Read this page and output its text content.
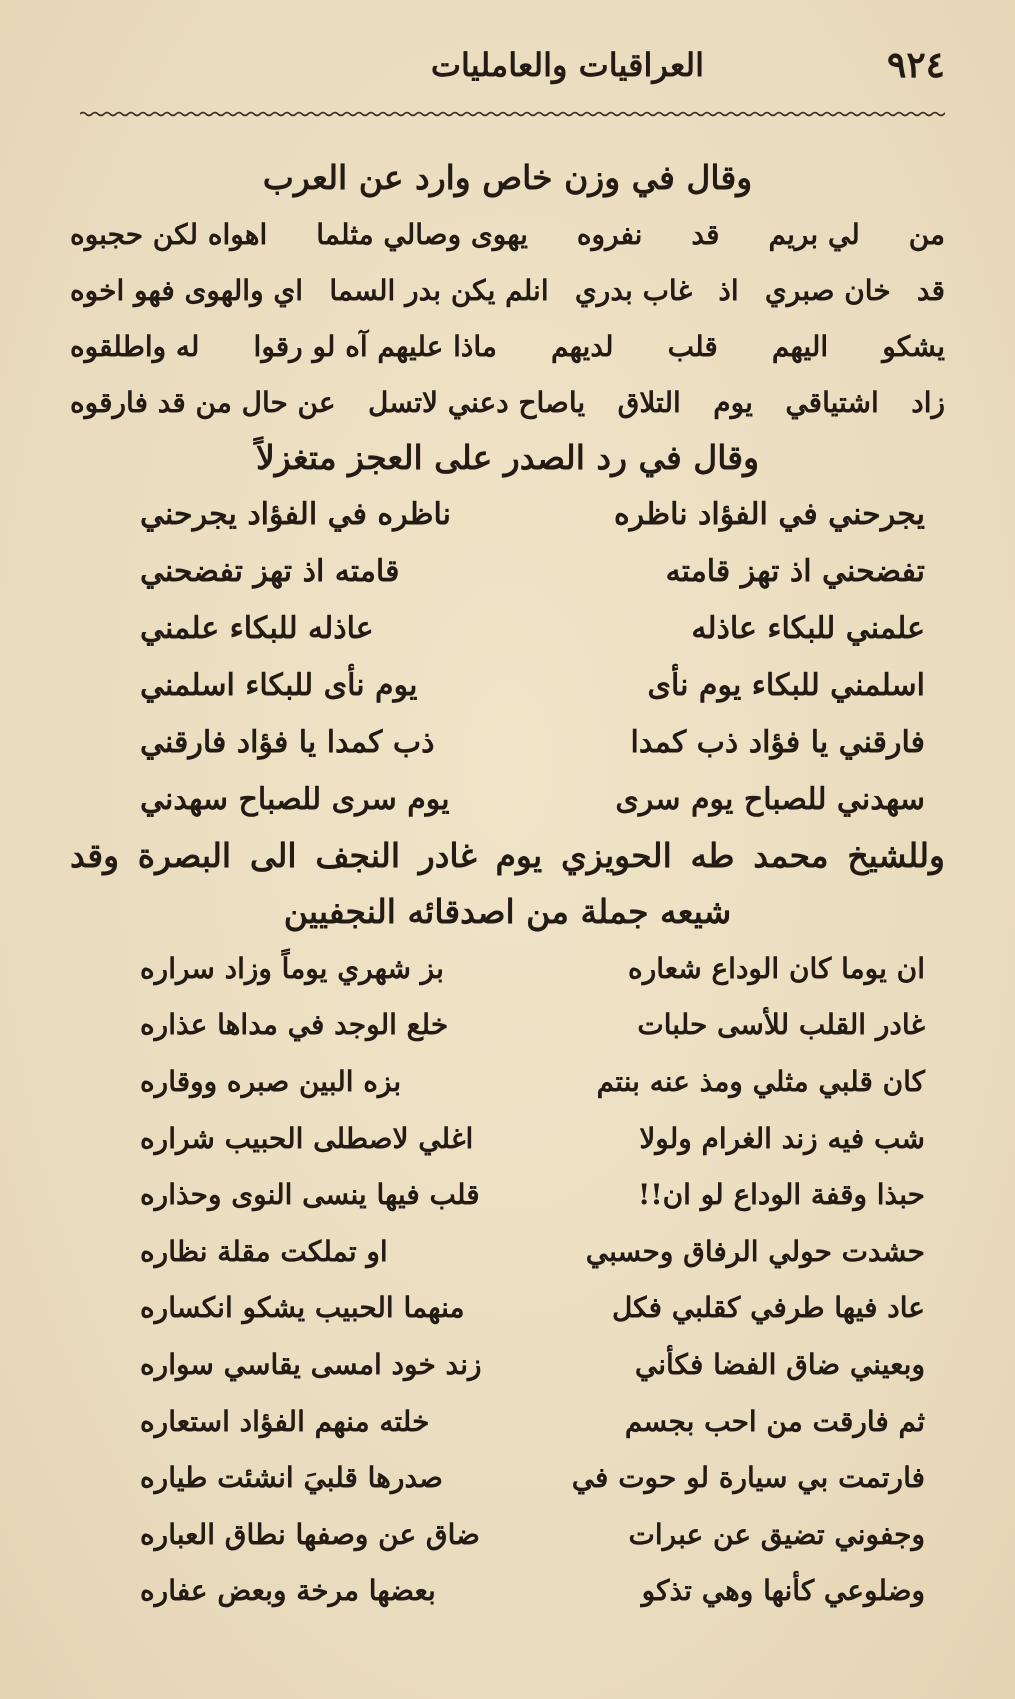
٩٢٤
العراقيات والعامليات
وقال في وزن خاص وارد عن العرب
من
لي بريم
قد
نفروه
يهوى وصالي مثلما
اهواه لكن حجبوه
قد
خان صبري
اذ
غاب بدري
انلم يكن بدر السما
اي والهوى فهو اخوه
يشكو
اليهم
قلب
لديهم
ماذا عليهم آه لو رقوا
له واطلقوه
زاد
اشتياقي
يوم
التلاق
ياصاح دعني لاتسل
عن حال من قد فارقوه
وقال في رد الصدر على العجز متغزلاً
يجرحني في الفؤاد ناظره
ناظره في الفؤاد يجرحني
تفضحني اذ تهز قامته
قامته اذ تهز تفضحني
علمني للبكاء عاذله
عاذله للبكاء علمني
اسلمني للبكاء يوم نأى
يوم نأى للبكاء اسلمني
فارقني يا فؤاد ذب كمدا
ذب كمدا يا فؤاد فارقني
سهدني للصباح يوم سرى
يوم سرى للصباح سهدني
وللشيخ محمد طه الحويزي يوم غادر النجف الى البصرة وقد
شيعه جملة من اصدقائه النجفيين
ان يوما كان الوداع شعاره
بز شهري يوماً وزاد سراره
غادر القلب للأسى حلبات
خلع الوجد في مداها عذاره
كان قلبي مثلي ومذ عنه بنتم
بزه البين صبره ووقاره
شب فيه زند الغرام ولولا
اغلي لاصطلى الحبيب شراره
حبذا وقفة الوداع لو ان!!
قلب فيها ينسى النوى وحذاره
حشدت حولي الرفاق وحسبي
او تملكت مقلة نظاره
عاد فيها طرفي كقلبي فكل
منهما الحبيب يشكو انكساره
وبعيني ضاق الفضا فكأني
زند خود امسى يقاسي سواره
ثم فارقت من احب بجسم
خلته منهم الفؤاد استعاره
فارتمت بي سيارة لو حوت في
صدرها قلبيَ انشئت طياره
وجفوني تضيق عن عبرات
ضاق عن وصفها نطاق العباره
وضلوعي كأنها وهي تذكو
بعضها مرخة وبعض عفاره
